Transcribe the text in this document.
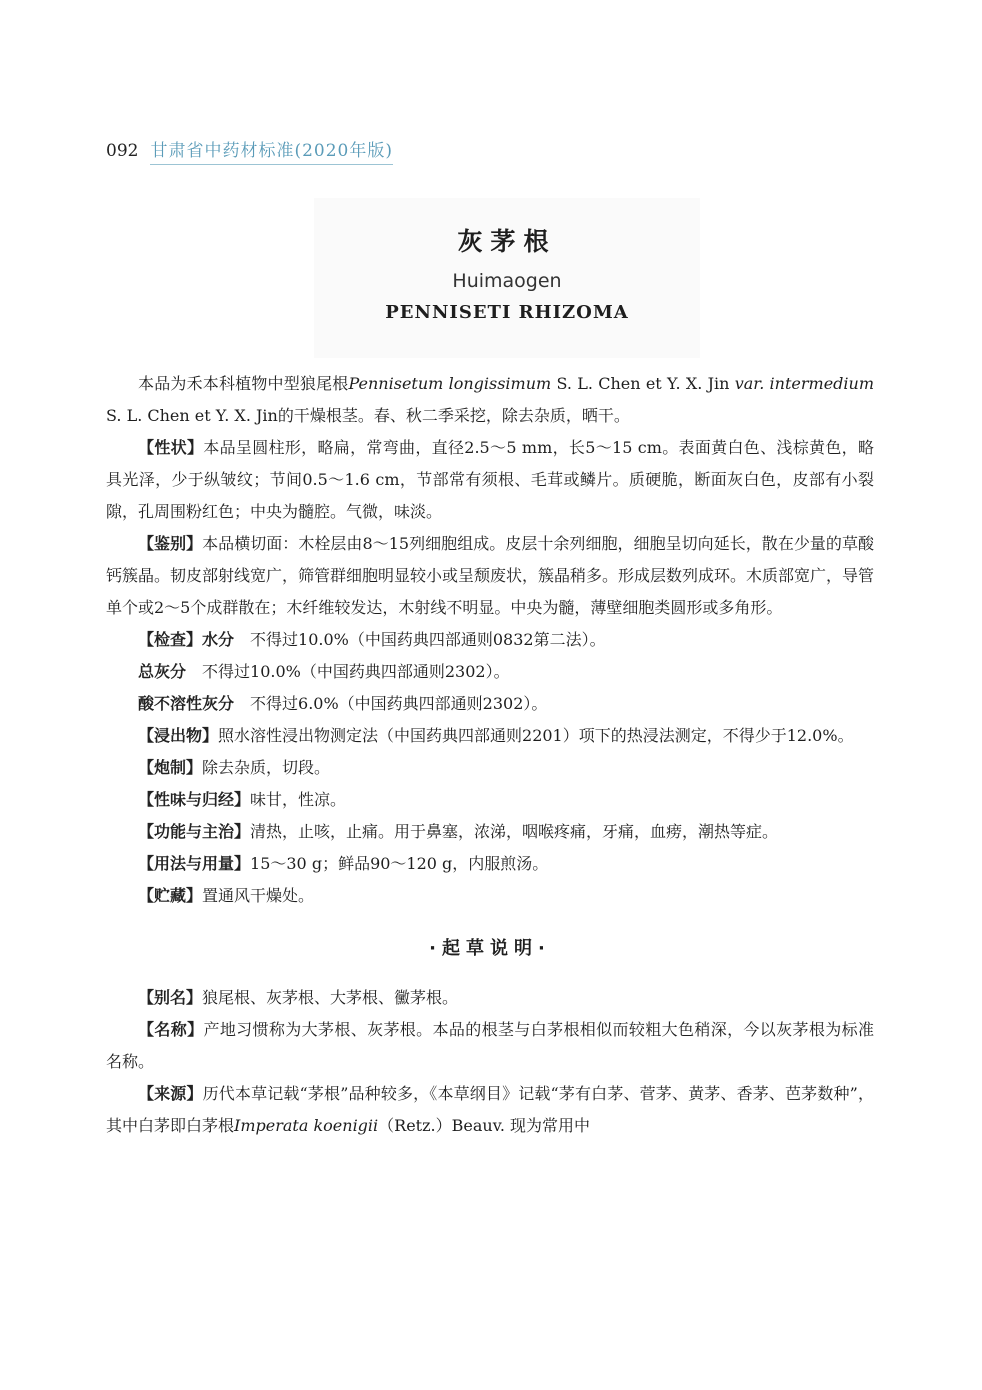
092 甘肃省中药材标准(2020年版)
灰茅根
Huimaogen
PENNISETI RHIZOMA

本品为禾本科植物中型狼尾根Pennisetum longissimum S. L. Chen et Y. X. Jin var. intermedium S. L. Chen et Y. X. Jin的干燥根茎。春、秋二季采挖，除去杂质，晒干。

【性状】本品呈圆柱形，略扁，常弯曲，直径2.5～5 mm，长5～15 cm。表面黄白色、浅棕黄色，略具光泽，少于纵皱纹；节间0.5～1.6 cm，节部常有须根、毛茸或鳞片。质硬脆，断面灰白色，皮部有小裂隙，孔周围粉红色；中央为髓腔。气微，味淡。

【鉴别】本品横切面：木栓层由8～15列细胞组成。皮层十余列细胞，细胞呈切向延长，散在少量的草酸钙簇晶。韧皮部射线宽广，筛管群细胞明显较小或呈颓废状，簇晶稍多。形成层数列成环。木质部宽广，导管单个或2～5个成群散在；木纤维较发达，木射线不明显。中央为髓，薄壁细胞类圆形或多角形。

【检查】水分  不得过10.0%（中国药典四部通则0832第二法）。

总灰分  不得过10.0%（中国药典四部通则2302）。

酸不溶性灰分  不得过6.0%（中国药典四部通则2302）。

【浸出物】照水溶性浸出物测定法（中国药典四部通则2201）项下的热浸法测定，不得少于12.0%。

【炮制】除去杂质，切段。

【性味与归经】味甘，性凉。

【功能与主治】清热，止咳，止痛。用于鼻塞，浓涕，咽喉疼痛，牙痛，血痨，潮热等症。

【用法与用量】15～30 g；鲜品90～120 g，内服煎汤。

【贮藏】置通风干燥处。

·起草说明·

【别名】狼尾根、灰茅根、大茅根、黴茅根。

【名称】产地习惯称为大茅根、灰茅根。本品的根茎与白茅根相似而较粗大色稍深，今以灰茅根为标准名称。

【来源】历代本草记载“茅根”品种较多，《本草纲目》记载“茅有白茅、菅茅、黄茅、香茅、芭茅数种”，其中白茅即白茅根Imperata koenigii（Retz.）Beauv. 现为常用中
